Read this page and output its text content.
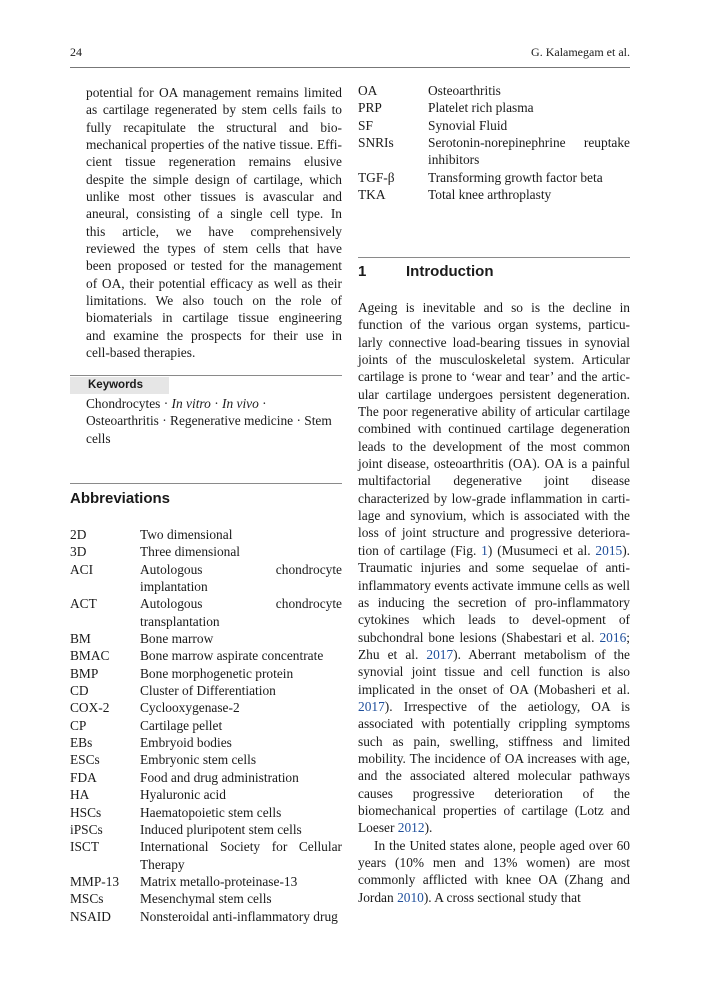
24	G. Kalamegam et al.
potential for OA management remains limited
as cartilage regenerated by stem cells fails to
fully recapitulate the structural and bio-
mechanical properties of the native tissue. Effi-
cient tissue regeneration remains elusive
despite the simple design of cartilage, which
unlike most other tissues is avascular and
aneural, consisting of a single cell type. In
this article, we have comprehensively
reviewed the types of stem cells that have
been proposed or tested for the management
of OA, their potential efficacy as well as their
limitations. We also touch on the role of
biomaterials in cartilage tissue engineering
and examine the prospects for their use in
cell-based therapies.
Keywords
Chondrocytes · In vitro · In vivo ·
Osteoarthritis · Regenerative medicine · Stem cells
Abbreviations
2D	Two dimensional
3D	Three dimensional
ACI	Autologous chondrocyte implantation
ACT	Autologous chondrocyte transplantation
BM	Bone marrow
BMAC	Bone marrow aspirate concentrate
BMP	Bone morphogenetic protein
CD	Cluster of Differentiation
COX-2	Cyclooxygenase-2
CP	Cartilage pellet
EBs	Embryoid bodies
ESCs	Embryonic stem cells
FDA	Food and drug administration
HA	Hyaluronic acid
HSCs	Haematopoietic stem cells
iPSCs	Induced pluripotent stem cells
ISCT	International Society for Cellular Therapy
MMP-13	Matrix metallo-proteinase-13
MSCs	Mesenchymal stem cells
NSAID	Nonsteroidal anti-inflammatory drug
OA	Osteoarthritis
PRP	Platelet rich plasma
SF	Synovial Fluid
SNRIs	Serotonin-norepinephrine reuptake inhibitors
TGF-β	Transforming growth factor beta
TKA	Total knee arthroplasty
1	Introduction

Ageing is inevitable and so is the decline in function of the various organ systems, particu-larly connective load-bearing tissues in synovial joints of the musculoskeletal system. Articular cartilage is prone to ‘wear and tear’ and the artic-ular cartilage undergoes persistent degeneration. The poor regenerative ability of articular cartilage combined with continued cartilage degeneration leads to the development of the most common joint disease, osteoarthritis (OA). OA is a painful multifactorial degenerative joint disease characterized by low-grade inflammation in carti-lage and synovium, which is associated with the loss of joint structure and progressive deteriora-tion of cartilage (Fig. 1) (Musumeci et al. 2015). Traumatic injuries and some sequelae of anti-inflammatory events activate immune cells as well as inducing the secretion of pro-inflammatory cytokines which leads to devel-opment of subchondral bone lesions (Shabestari et al. 2016; Zhu et al. 2017). Aberrant metabolism of the synovial joint tissue and cell function is also implicated in the onset of OA (Mobasheri et al. 2017). Irrespective of the aetiology, OA is associated with potentially crippling symptoms such as pain, swelling, stiffness and limited mobility. The incidence of OA increases with age, and the associated altered molecular pathways causes progressive deterioration of the biomechanical properties of cartilage (Lotz and Loeser 2012).

In the United states alone, people aged over 60 years (10% men and 13% women) are most commonly afflicted with knee OA (Zhang and Jordan 2010). A cross sectional study that
